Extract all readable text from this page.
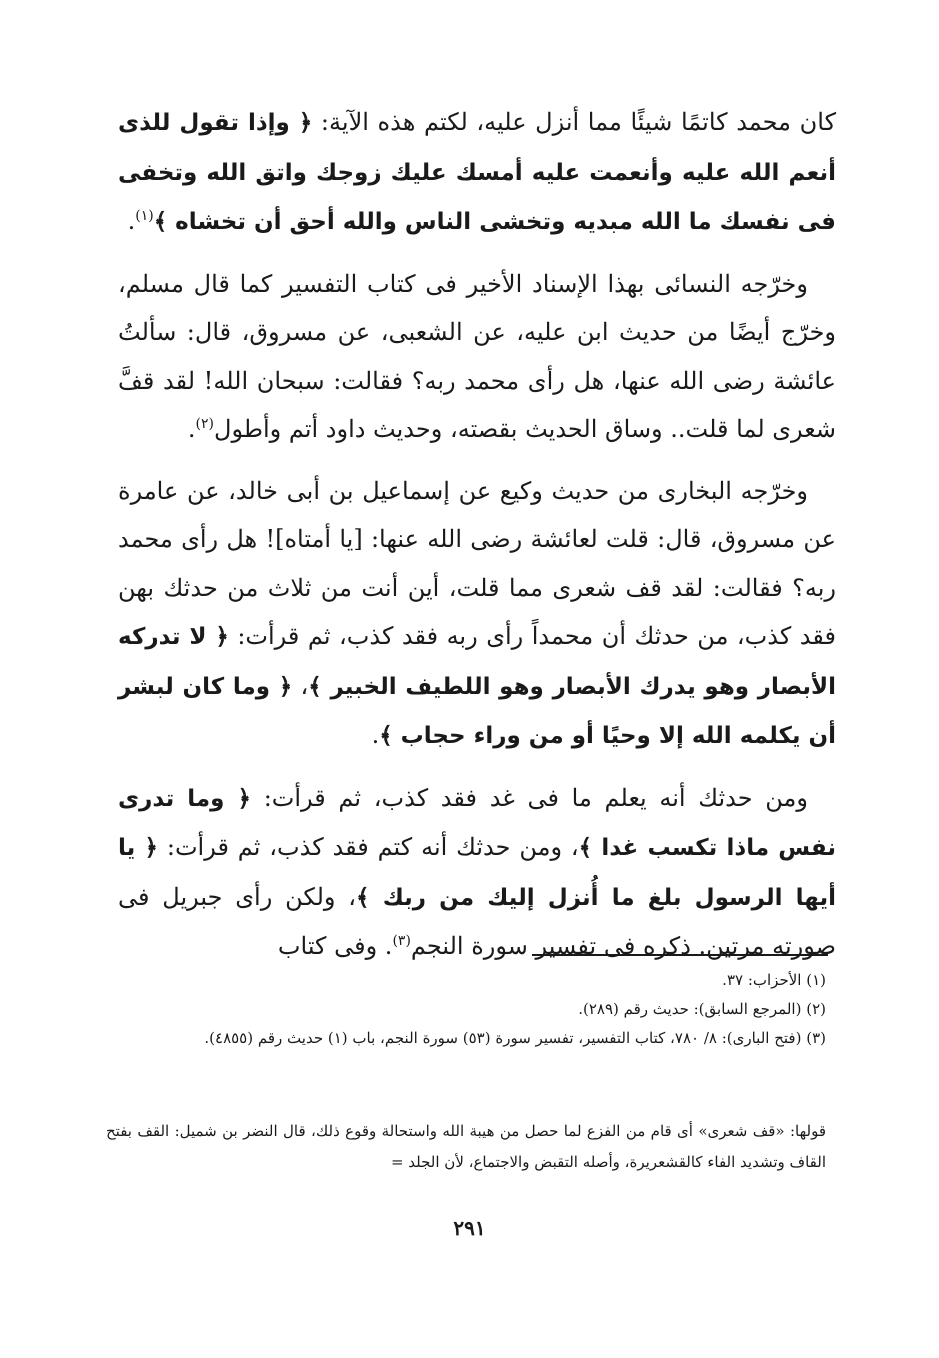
كان محمد كاتمًا شيئًا مما أنزل عليه، لكتم هذه الآية: ﴿ وإذا تقول للذى أنعم الله عليه وأنعمت عليه أمسك عليك زوجك واتق الله وتخفى فى نفسك ما الله مبديه وتخشى الناس والله أحق أن تخشاه ﴾$^{(١)}$.

وخرّجه النسائى بهذا الإسناد الأخير فى كتاب التفسير كما قال مسلم، وخرّج أيضًا من حديث ابن عليه، عن الشعبى، عن مسروق، قال: سألتُ عائشة رضى الله عنها، هل رأى محمد ربه؟ فقالت: سبحان الله! لقد قفَّ شعرى لما قلت.. وساق الحديث بقصته، وحديث داود أتم وأطول$^{(٢)}$.

وخرّجه البخارى من حديث وكيع عن إسماعيل بن أبى خالد، عن عامرة عن مسروق، قال: قلت لعائشة رضى الله عنها: [يا أمتاه]! هل رأى محمد ربه؟ فقالت: لقد قف شعرى مما قلت، أين أنت من ثلاث من حدثك بهن فقد كذب، من حدثك أن محمداً رأى ربه فقد كذب، ثم قرأت: ﴿ لا تدركه الأبصار وهو يدرك الأبصار وهو اللطيف الخبير ﴾، ﴿ وما كان لبشر أن يكلمه الله إلا وحيًا أو من وراء حجاب ﴾.

ومن حدثك أنه يعلم ما فى غد فقد كذب، ثم قرأت: ﴿ وما تدرى نفس ماذا تكسب غدا ﴾، ومن حدثك أنه كتم فقد كذب، ثم قرأت: ﴿ يا أيها الرسول بلغ ما أُنزل إليك من ربك ﴾، ولكن رأى جبريل فى صورته مرتين. ذكره فى تفسير سورة النجم$^{(٣)}$. وفى كتاب

(١) الأحزاب: ٣٧.

(٢) (المرجع السابق): حديث رقم (٢٨٩).

(٣) (فتح البارى): ٨/ ٧٨٠، كتاب التفسير، تفسير سورة (٥٣) سورة النجم، باب (١) حديث رقم (٤٨٥٥).

قولها: «قف شعرى» أى قام من الفزع لما حصل من هيبة الله واستحالة وقوع ذلك، قال النضر بن شميل: القف بفتح القاف وتشديد الفاء كالقشعريرة، وأصله التقبض والاجتماع، لأن الجلد =
٢٩١
